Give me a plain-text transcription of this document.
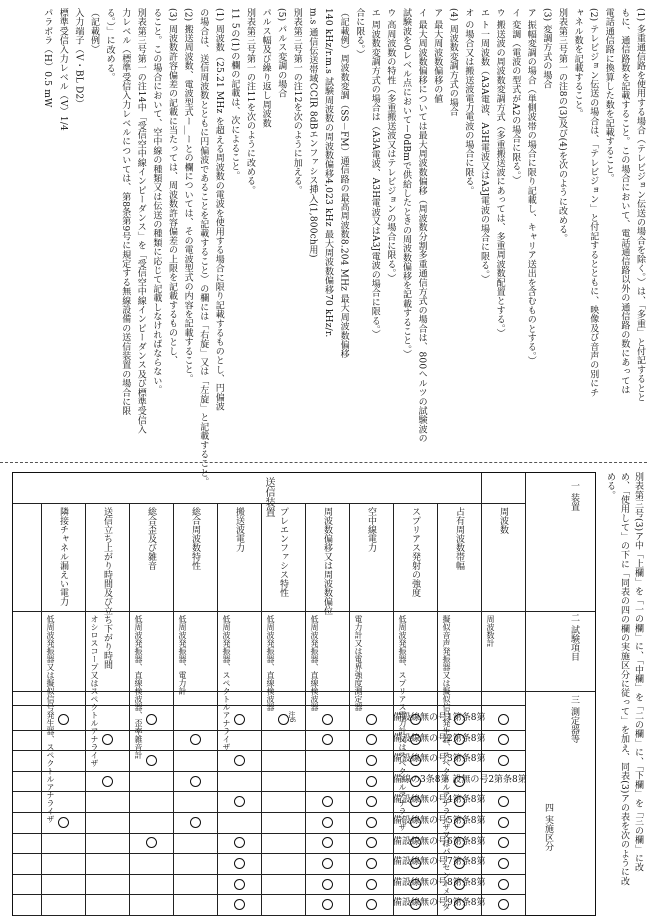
(1) 多重通信路を使用する場合（テレビジョン伝送の場合を除く。）は、「多重」と付記するとと
もに、通信路数を記載すること。この場合において、電話通信路以外の通信路の数にあっては
電話通信路に換算した数を記載すること。
(2) テレビジョン伝送の場合は、「テレビジョン」と付記するとともに、映像及び音声の別にチ
ャネル数を記載すること。
別表第三号第一の注8の(3)及び(4)を次のように改める。
(3) 変調方式の場合
ア 振幅変調の場合（単側波帯の場合に限り記載し、キャリア送出を含むものとする。）
イ 変調（電波の型式がA2の場合に限る。）
ウ 搬送波の周波数変調方式（多重搬送波にあっては、多重周波数配置とする。）
エ ト一周波数（A3A電波、A3H電波又はA3J電波の場合に限る。）
オ の場合又は搬送波電力電波の場合に限る。
(4) 周波数変調方式の場合
ア 最大周波数偏移の値
イ 最大周波数偏移については最大周波数偏移（周波数分割多重通信方式の場合は、800ヘルツの試験波の
試験波を0レベル点においてー0dBmで供給したときの周波数偏移を記載すること。）
ウ 高周波数の特性（多重搬送波又はテレビジョンの場合に限る。）
エ 周波数変調方式の場合は（A3A電波、A3H電波又はA3J電波の場合に限る。）
合に限る。）
（記載例）周波数変調（SS－FM）通信路の最高周波数8.204 MHz 最大周波数偏移
140 kHz/r.m.s 試験周波数の周波数偏移4,023 kHz 最大周波数偏移70 kHz/r.
m.s 通信伝送帯域CCIR 8dBエンファシス挿入(1,800ch用)
別表第三号第一の注12を次のように加える。
(5) パルス変調の場合
パルス幅及び繰り返し周波数
別表第三号第一の注11を次のように改める。
11 5の(1)の欄の記載は、次によること。
(1) 周波数（25.21 MHz を超える周波数の電波を使用する場合に限り記載するものとし、円偏波
の場合は、送信周波数とともに円偏波であることを記載すること）の欄には「右旋」又は「左旋」と記載すること。
(2) 搬送周波数、電波型式ー＿ーとの欄については、その電波型式の内容を記載すること。
(3) 周波数許容偏差の記載に当たっては、周波数許容偏差の上限を記載するものとし、
ること。この場合において、空中線の種類又は伝送の種類に応じて記載しなければならない。
別表第三号第一の注14中「受信空中線インピーダンス」を「受信空中線インピーダンス及び標準受信入
力レベル（標準受信入力レベルについては、第8条第9号に規定する無線設備の送信装置の場合に限
る。）」に改める。
（記載例）
入力端子（V・BL D2）
標準受信入力レベル（V）1/4
パラボラ（H）0.5 mW
別表第三号(3)ア中「上欄」を「一の欄」に、「中欄」を「二の欄」に、「下欄」を「三の欄」に改
め、「使用して」の下に「同表の四の欄の実施区分に従って」を加え、同表(3)アの表を次のように改
める。
一 装置
二 試験項目
三 測定器等
四 実施区分
送信装置
周波数
周波数計
占有周波数帯幅
擬似音声発振器又は擬似信号発生器、スペクトルアナライザ又はパーセントメータ
スプリアス発射の強度
低周波発振器、スプリアス電力計又はスペクトルアナライザ
空中線電力
電力計又は電界強度測定器
周波数偏移又は周波数偏位
低周波発振器、直線検波器
プレエンファシス特性
低周波発振器、直線検波器
搬送波電力
低周波発振器、スペクトルアナライザ
総合周波数特性
低周波発振器、電力計
総合歪及び雑音
低周波発振器、直線検波器、歪率雑音計
送信立ち上がり時間及び立ち下がり時間
オシロスコープ又はスペクトルアナライザ
隣接チャネル漏えい電力
低周波発振器又は擬似信号発生器、スペクトルアナライザ	備設線無の号1第条8第
備設線無の号2第条8第
備設線無の号3第条8第
備線の3条8第 設無の号2第条8第
備設線無の号4第条8第
備設線無の号5第条8第
備設線無の号6第条8第
備設線無の号7第条8第
備設線無の号8第条8第
備設線無の号9第条8第
注6
